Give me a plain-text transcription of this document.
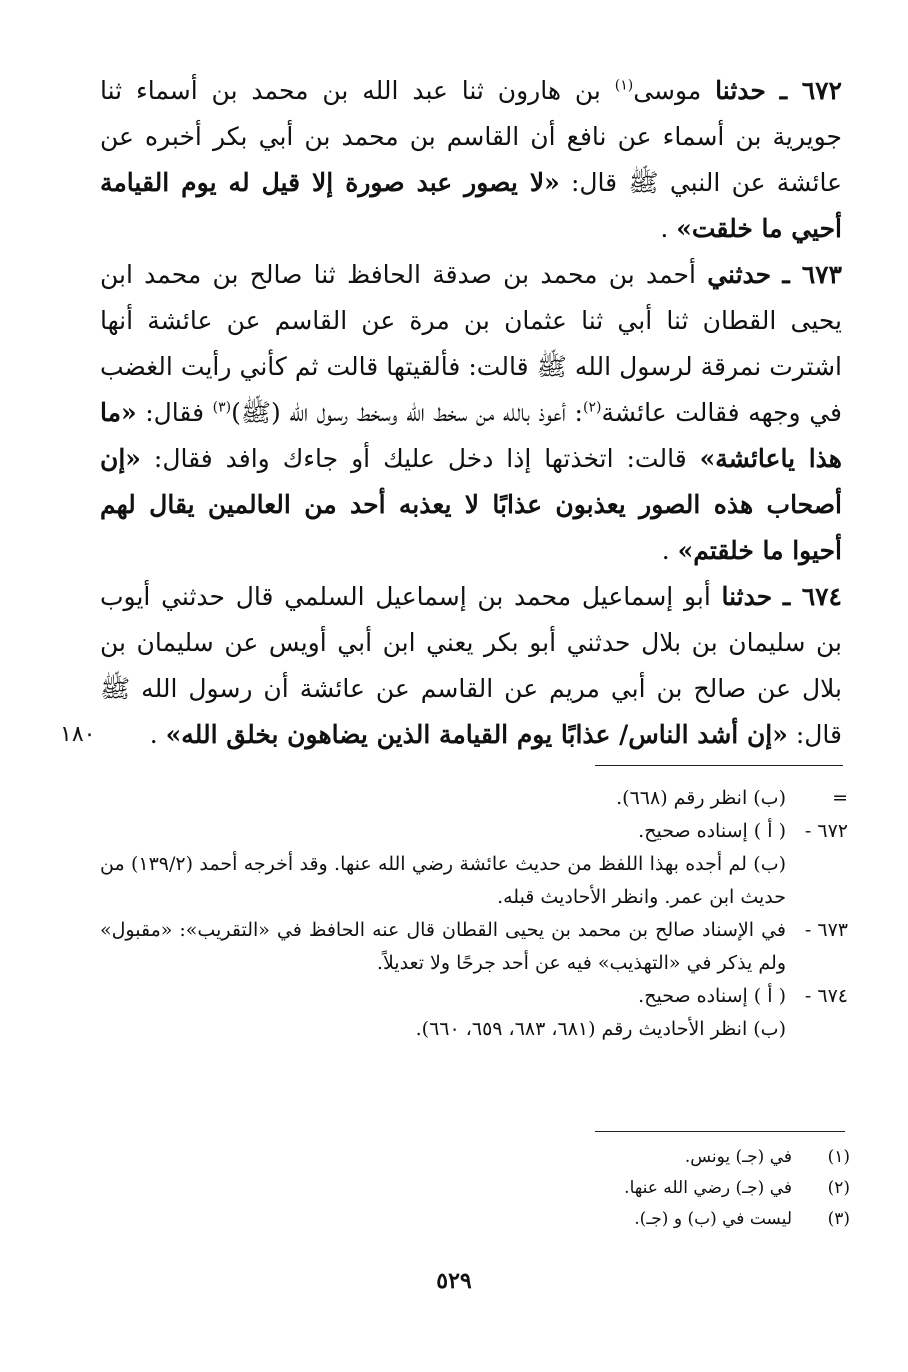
٦٧٢ ـ حدثنا موسى$^{(١)}$ بن هارون ثنا عبد الله بن محمد بن أسماء ثنا جويرية بن أسماء عن نافع أن القاسم بن محمد بن أبي بكر أخبره عن عائشة عن النبي ﷺ قال: «لا يصور عبد صورة إلا قيل له يوم القيامة أحيي ما خلقت» .

٦٧٣ ـ حدثني أحمد بن محمد بن صدقة الحافظ ثنا صالح بن محمد ابن يحيى القطان ثنا أبي ثنا عثمان بن مرة عن القاسم عن عائشة أنها اشترت نمرقة لرسول الله ﷺ قالت: فألقيتها قالت ثم كأني رأيت الغضب في وجهه فقالت عائشة$^{(٢)}$: أعوذ بالله من سخط الله وسخط رسول الله (ﷺ)$^{(٣)}$ فقال: «ما هذا ياعائشة» قالت: اتخذتها إذا دخل عليك أو جاءك وافد فقال: «إن أصحاب هذه الصور يعذبون عذابًا لا يعذبه أحد من العالمين يقال لهم أحيوا ما خلقتم» .

٦٧٤ ـ حدثنا أبو إسماعيل محمد بن إسماعيل السلمي قال حدثني أيوب بن سليمان بن بلال حدثني أبو بكر يعني ابن أبي أويس عن سليمان بن بلال عن صالح بن أبي مريم عن القاسم عن عائشة أن رسول الله ﷺ قال: «إن أشد الناس/ عذابًا يوم القيامة الذين يضاهون بخلق الله» .

١٨٠
=
(ب) انظر رقم (٦٦٨).
٦٧٢ -
( أ ) إسناده صحيح.
(ب) لم أجده بهذا اللفظ من حديث عائشة رضي الله عنها. وقد أخرجه أحمد (١٣٩/٢) من حديث ابن عمر. وانظر الأحاديث قبله.
٦٧٣ -
في الإسناد صالح بن محمد بن يحيى القطان قال عنه الحافظ في «التقريب»: «مقبول» ولم يذكر في «التهذيب» فيه عن أحد جرحًا ولا تعديلاً.
٦٧٤ -
( أ ) إسناده صحيح.
(ب) انظر الأحاديث رقم (٦٨١، ٦٨٣، ٦٥٩، ٦٦٠).
(١)
في (جـ) يونس.
(٢)
في (جـ) رضي الله عنها.
(٣)
ليست في (ب) و (جـ).
٥٢٩
